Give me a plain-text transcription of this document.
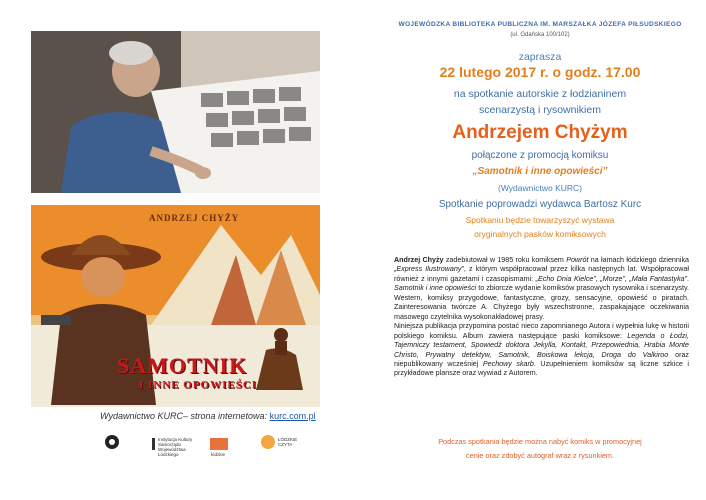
ANDRZEJ CHYŻY
SAMOTNIK
I INNE OPOWIEŚCI
Wydawnictwo KURC– strona internetowa: kurc.com.pl
Instytucja Kultury Samorządu Województwa Łódzkiego	łódzkie
ŁÓDZKIE CZYTA
WOJEWÓDZKA BIBLIOTEKA PUBLICZNA IM. MARSZAŁKA JÓZEFA PIŁSUDSKIEGO
(ul. Gdańska 100/102)
zaprasza
22 lutego 2017 r. o godz. 17.00
na spotkanie autorskie z łodzianinem
scenarzystą i rysownikiem
Andrzejem Chyżym
połączone z promocją komiksu
„Samotnik i inne opowieści”
(Wydawnictwo KURC)
Spotkanie poprowadzi wydawca Bartosz Kurc
Spotkaniu będzie towarzyszyć wystawa
oryginalnych pasków komiksowych
Andrzej Chyży zadebiutował w 1985 roku komiksem Powrót na łamach łódzkiego dziennika „Express Ilustrowany”, z którym współpracował przez kilka następnych lat. Współpracował również z innymi gazetami i czasopismami: „Echo Dnia Kielce”, „Morze”, „Mała Fantastyka”. Samotnik i inne opowieści to zbiorcze wydanie komiksów prasowych rysownika i scenarzysty. Western, komiksy przygodowe, fantastyczne, grozy, sensacyjne, opowieść o piratach. Zainteresowania twórcze A. Chyżego były wszechstronne, zaspakajające oczekiwania masowego czytelnika wysokonakładowej prasy.
Niniejsza publikacja przypomina postać nieco zapomnianego Autora i wypełnia lukę w historii polskiego komiksu. Album zawiera następujące paski komiksowe: Legenda o Łodzi, Tajemniczy testament, Spowiedź doktora Jekylla, Kontakt, Przepowiednia, Hrabia Monte Christo, Prywatny detektyw, Samotnik, Boiskowa lekcja, Droga do Valkiroo oraz niepublikowany wcześniej Pechowy skarb. Uzupełnieniem komiksów są liczne szkice i przykładowe plansze oraz wywiad z Autorem.
Podczas spotkania będzie można nabyć komiks w promocyjnej
cenie oraz zdobyć autograf wraz z rysunkiem.
